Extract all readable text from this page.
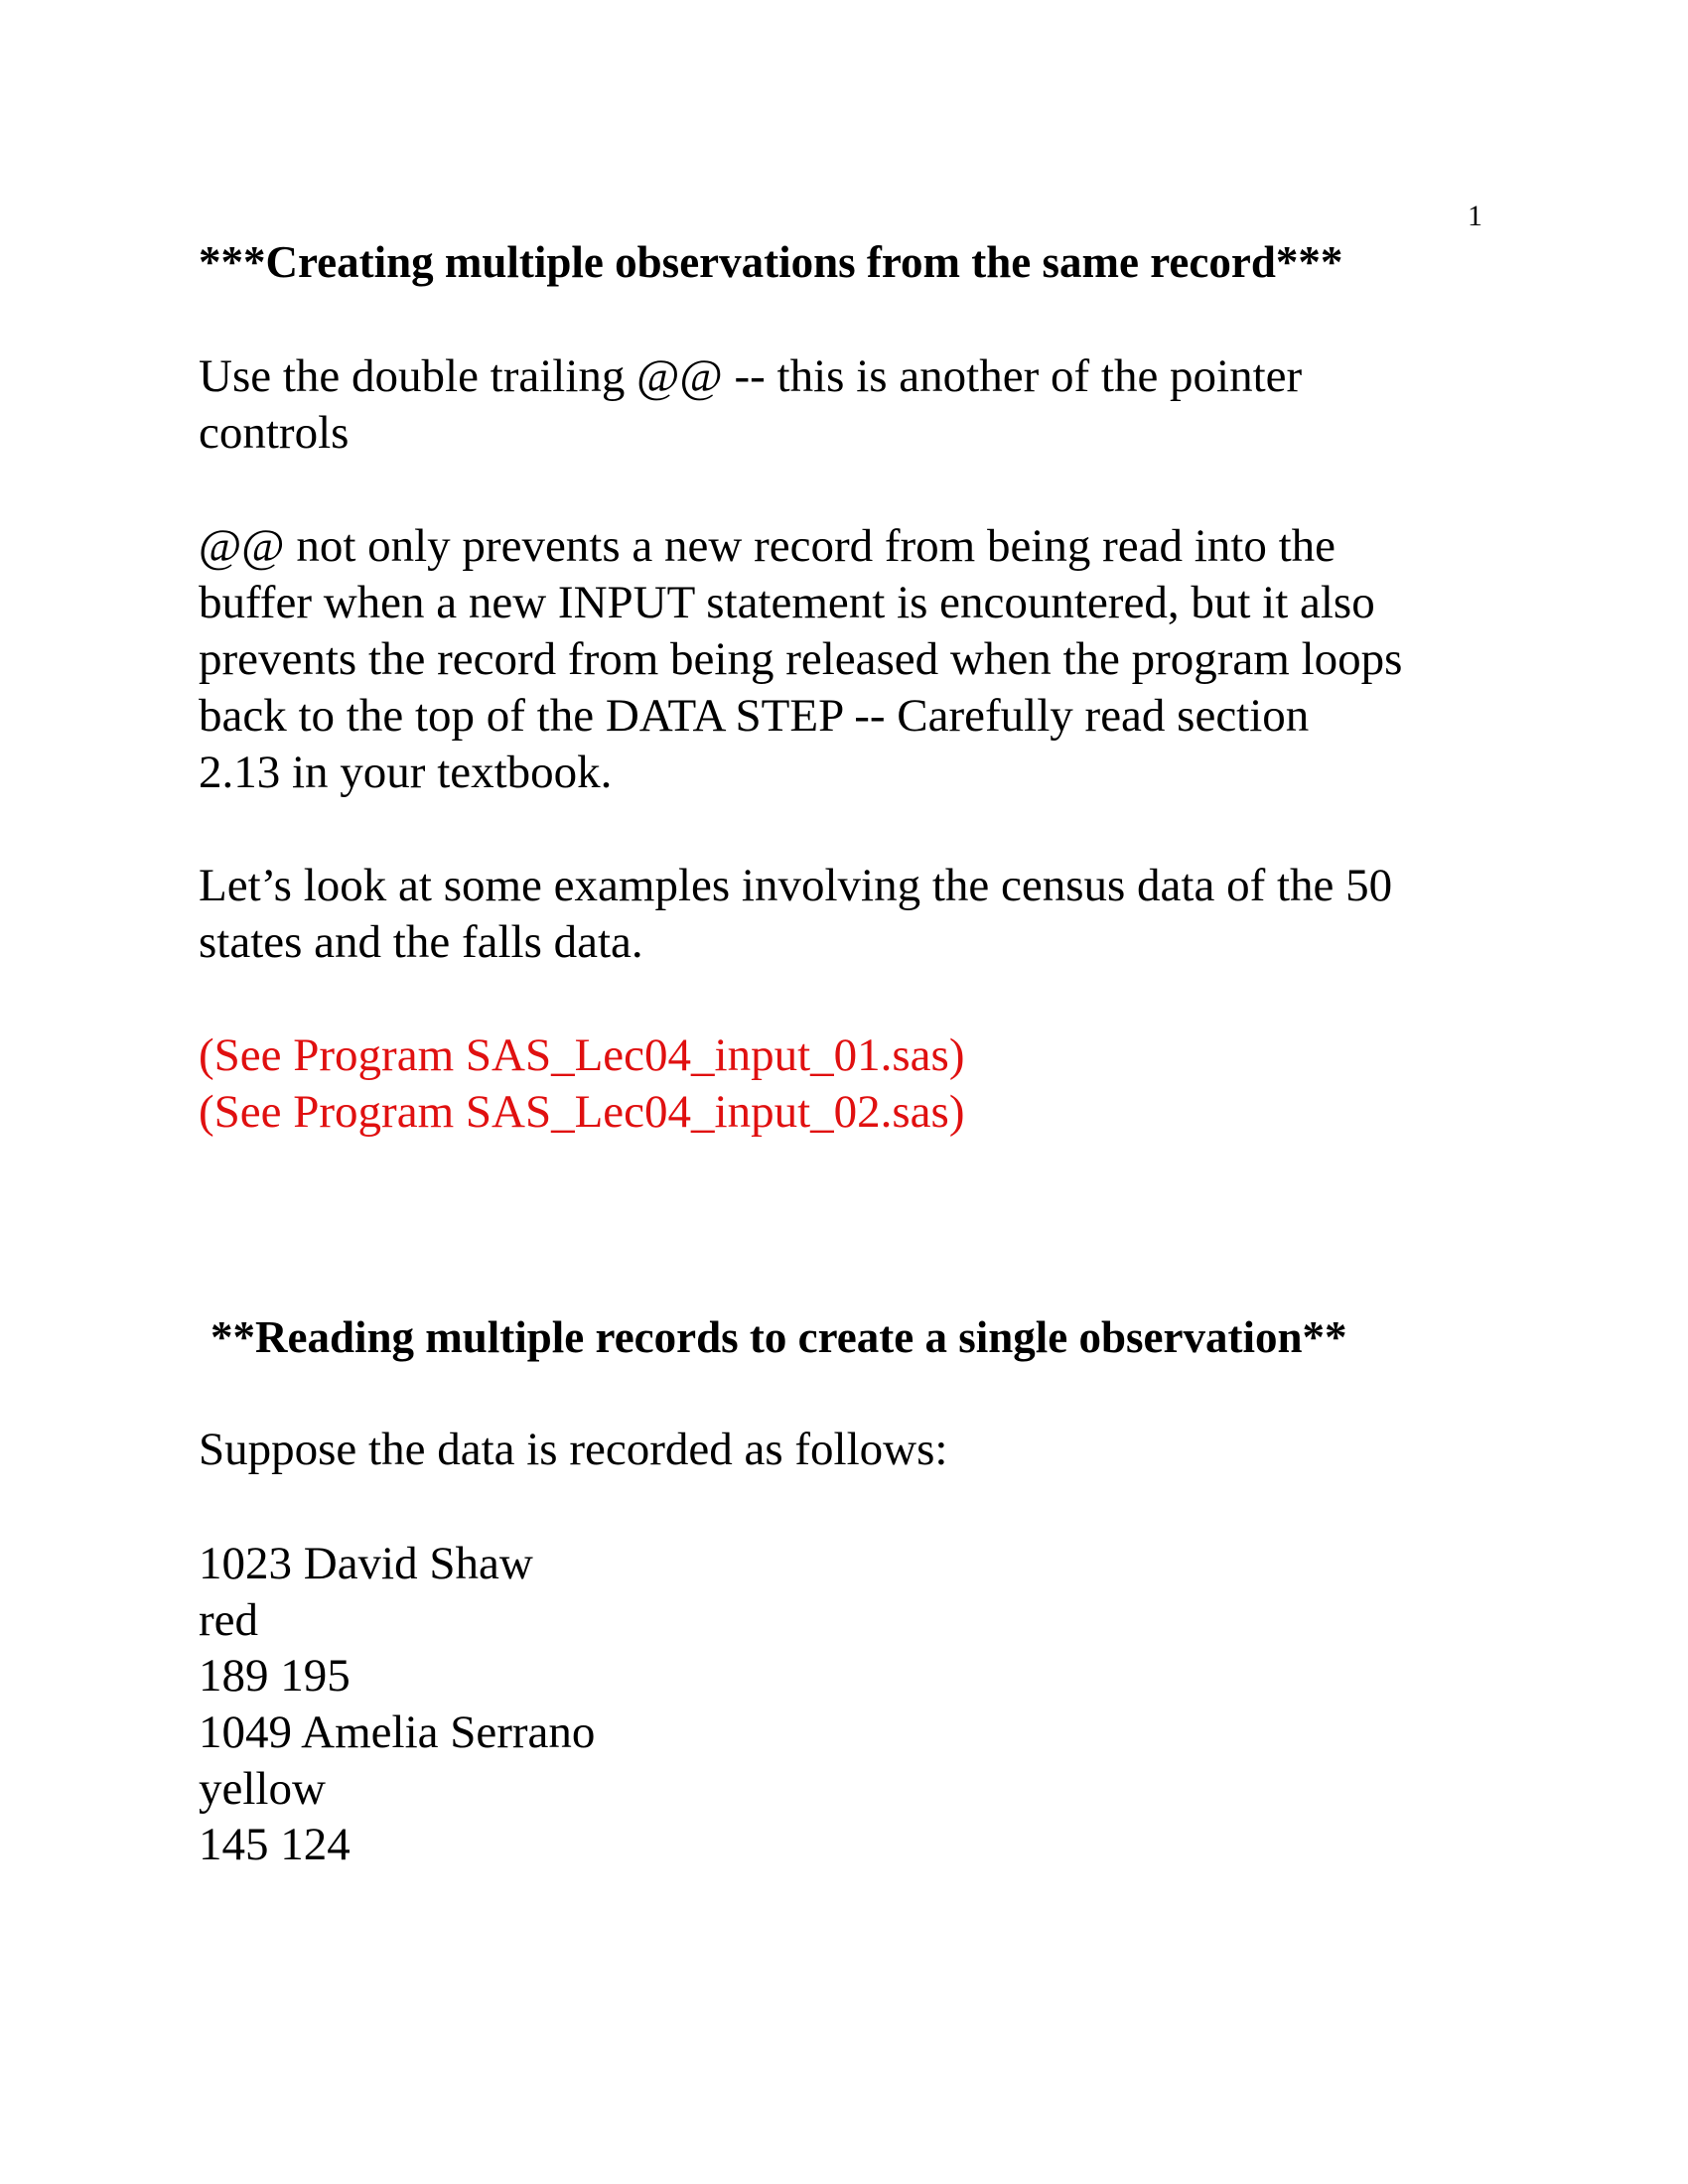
1
***Creating multiple observations from the same record***
Use the double trailing @@ -- this is another of the pointer
controls
@@ not only prevents a new record from being read into the
buffer when a new INPUT statement is encountered, but it also
prevents the record from being released when the program loops
back to the top of the DATA STEP -- Carefully read section
2.13 in your textbook.
Let’s look at some examples involving the census data of the 50
states and the falls data.
(See Program SAS_Lec04_input_01.sas)
(See Program SAS_Lec04_input_02.sas)
**Reading multiple records to create a single observation**
Suppose the data is recorded as follows:
1023 David Shaw
red
189 195
1049 Amelia Serrano
yellow
145 124
